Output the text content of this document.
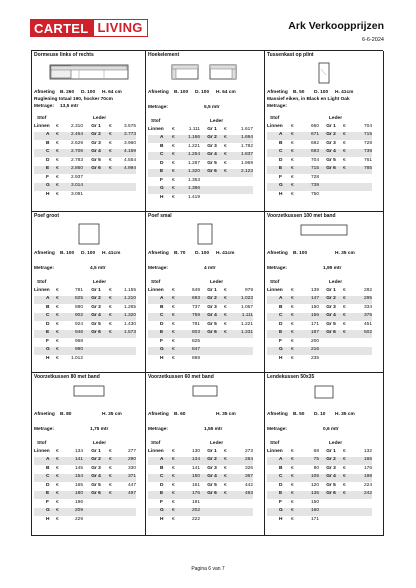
CARTEL LIVING	Ark Verkoopprijzen
6-6-2024
Dormeuse links of rechts
Afmeting B. 260 D. 100 H. 64 cm
Ruglening totaal 190, hocker 70cm
Metrage: 13,5 mtr
Stof			Leder		
Linnen	€	2.310	Gr 1	€	3.575
A	€	2.464	Gr 2	€	3.773
B	€	2.629	Gr 3	€	3.960
C	€	2.706	Gr 4	€	4.169
D	€	2.783	Gr 5	€	4.554
E	€	2.860	Gr 6	€	4.994
F	€	2.937			
G	€	3.014			
H	€	3.091			
Hoekelement
Afmeting B. 100 D. 100 H. 64 cm
Metrage:	5,5 mtr
Stof			Leder		
Linnen	€	1.111	Gr 1	€	1.617
A	€	1.166	Gr 2	€	1.694
B	€	1.221	Gr 3	€	1.782
C	€	1.254	Gr 4	€	1.837
D	€	1.287	Gr 5	€	1.969
E	€	1.320	Gr 6	€	2.123
F	€	1.353			
G	€	1.386			
H	€	1.419			
Tussenkast op plint
Afmeting B. 50 D. 100 H. 41cm
Massief eiken, in Black en Light Oak
Metrage:
Stof			Leder		
Linnen	€	660	Gr 1	€	704
A	€	671	Gr 2	€	715
B	€	682	Gr 3	€	728
C	€	693	Gr 4	€	739
D	€	704	Gr 5	€	761
E	€	715	Gr 6	€	785
F	€	728			
G	€	739			
H	€	750			
Poef groot
Afmeting B. 100 D. 100 H. 41cm
Metrage:	4,5 mtr
Stof			Leder		
Linnen	€	781	Gr 1	€	1.155
A	€	825	Gr 2	€	1.210
B	€	880	Gr 3	€	1.265
C	€	902	Gr 4	€	1.320
D	€	924	Gr 5	€	1.430
E	€	946	Gr 6	€	1.573
F	€	968			
G	€	990			
H	€	1.012			
Poef smal
Afmeting B. 70 D. 100 H. 41cm
Metrage:	4 mtr
Stof			Leder		
Linnen	€	649	Gr 1	€	979
A	€	693	Gr 2	€	1.023
B	€	737	Gr 3	€	1.067
C	€	759	Gr 4	€	1.111
D	€	781	Gr 5	€	1.221
E	€	803	Gr 6	€	1.331
F	€	825			
G	€	847			
H	€	869			
Voorzetkussen 100 met band
Afmeting B. 100	H. 35 cm
Metrage:	1,95 mtr
Stof			Leder		
Linnen	€	139	Gr 1	€	282
A	€	147	Gr 2	€	295
B	€	150	Gr 3	€	334
C	€	156	Gr 4	€	376
D	€	171	Gr 5	€	451
E	€	187	Gr 6	€	502
F	€	200			
G	€	216			
H	€	235			
Voorzetkussen 80 met band
Afmeting B. 80	H. 35 cm
Metrage:	1,75 mtr
Stof			Leder		
Linnen	€	134	Gr 1	€	277
A	€	141	Gr 2	€	290
B	€	145	Gr 3	€	330
C	€	154	Gr 4	€	371
D	€	165	Gr 5	€	447
E	€	180	Gr 6	€	497
F	€	196			
G	€	209			
H	€	229			
Voorzetkussen 60 met band
Afmeting B. 60	H. 35 cm
Metrage:	1,55 mtr
Stof			Leder		
Linnen	€	130	Gr 1	€	273
A	€	134	Gr 2	€	284
B	€	141	Gr 3	€	326
C	€	150	Gr 4	€	367
D	€	161	Gr 5	€	442
E	€	176	Gr 6	€	493
F	€	191			
G	€	202			
H	€	222			
Lendekussen 50x35
Afmeting B. 50 D. 10 H. 35 cm
Metrage:	0,6 mtr
Stof			Leder		
Linnen	€	68	Gr 1	€	132
A	€	75	Gr 2	€	165
B	€	90	Gr 3	€	176
C	€	105	Gr 4	€	198
D	€	120	Gr 5	€	224
E	€	135	Gr 6	€	242
F	€	150			
G	€	160			
H	€	171			
Pagina 6 van 7
